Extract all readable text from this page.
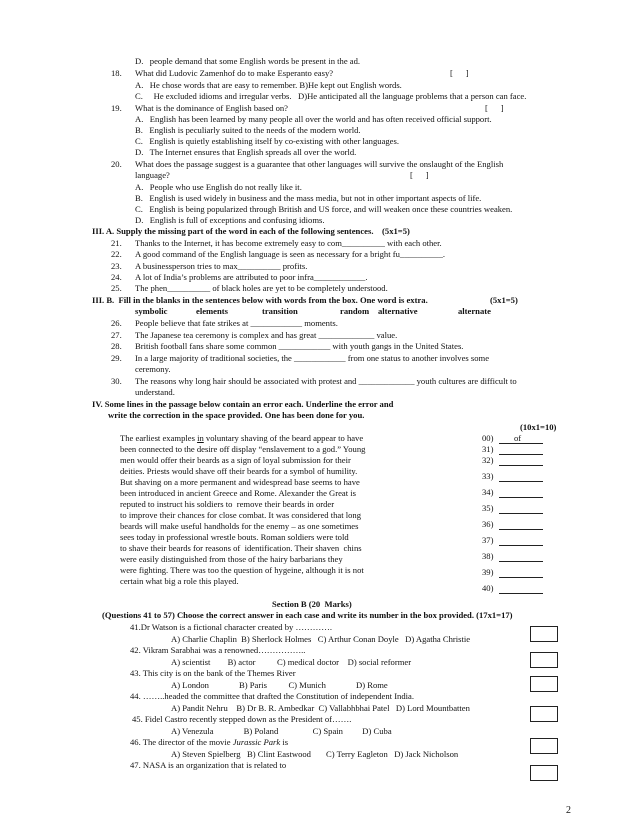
D.   people demand that some English words be present in the ad.
18. What did Ludovic Zamenhof do to make Esperanto easy?	[      ]
A.   He chose words that are easy to remember. B)He kept out English words.
C.     He excluded idioms and irregular verbs.   D)He anticipated all the language problems that a person can face.
19. What is the dominance of English based on?	[      ]
A.   English has been learned by many people all over the world and has often received official support.
B.   English is peculiarly suited to the needs of the modern world.
C.   English is quietly establishing itself by co-existing with other languages.
D.   The Internet ensures that English spreads all over the world.
20. What does the passage suggest is a guarantee that other languages will survive the onslaught of the English
language?	[      ]
A.   People who use English do not really like it.
B.   English is used widely in business and the mass media, but not in other important aspects of life.
C.   English is being popularized through British and US force, and will weaken once these countries weaken.
D.   English is full of exceptions and confusing idioms.
III. A. Supply the missing part of the word in each of the following sentences.    (5x1=5)
21. Thanks to the Internet, it has become extremely easy to com__________ with each other.
22. A good command of the English language is seen as necessary for a bright fu__________.
23. A businessperson tries to max__________ profits.
24. A lot of India’s problems are attributed to poor infra____________.
25. The phen__________ of black holes are yet to be completely understood.
III. B.  Fill in the blanks in the sentences below with words from the box. One word is extra.	(5x1=5)
symbolic	elements	transition	random alternative	alternate
26. People believe that fate strikes at ____________ moments.
27. The Japanese tea ceremony is complex and has great _____________ value.
28. British football fans share some common ____________ with youth gangs in the United States.
29. In a large majority of traditional societies, the ____________ from one status to another involves some
ceremony.
30. The reasons why long hair should be associated with protest and _____________ youth cultures are difficult to
understand.
IV. Some lines in the passage below contain an error each. Underline the error and
write the correction in the space provided. One has been done for you.
(10x1=10)
The earliest examples in voluntary shaving of the beard appear to have
been connected to the desire off display “enslavement to a god.” Young
men would offer their beards as a sign of loyal submission for their
deities. Priests would shave off their beards for a symbol of humility.
But shaving on a more permanent and widespread base seems to have
been introduced in ancient Greece and Rome. Alexander the Great is
reputed to instruct his soldiers to  remove their beards in order
to improve their chances for close combat. It was considered that long
beards will make useful handholds for the enemy – as one sometimes
sees today in professional wrestle bouts. Roman soldiers were told
to shave their beards for reasons of  identification. Their shaven  chins
were easily distinguished from those of the hairy barbarians they
were fighting. There was too the question of hygeine, although it is not
certain what big a role this played.
00) of
31)
32)
33)
34)
35)
36)
37)
38)
39)
40)
Section B (20  Marks)
(Questions 41 to 57) Choose the correct answer in each case and write its number in the box provided. (17x1=17)
41.Dr Watson is a fictional character created by ………….
A) Charlie Chaplin  B) Sherlock Holmes   C) Arthur Conan Doyle   D) Agatha Christie
42. Vikram Sarabhai was a renowned……………..
A) scientist        B) actor          C) medical doctor    D) social reformer
43. This city is on the bank of the Themes River
A) London              B) Paris          C) Munich              D) Rome
44. ……..headed the committee that drafted the Constitution of independent India.
A) Pandit Nehru    B) Dr B. R. Ambedkar  C) Vallabhbhai Patel   D) Lord Mountbatten
45. Fidel Castro recently stepped down as the President of…….
A) Venezula              B) Poland                C) Spain         D) Cuba
46. The director of the movie Jurassic Park is
A) Steven Spielberg   B) Clint Eastwood       C) Terry Eagleton   D) Jack Nicholson
47. NASA is an organization that is related to
2
